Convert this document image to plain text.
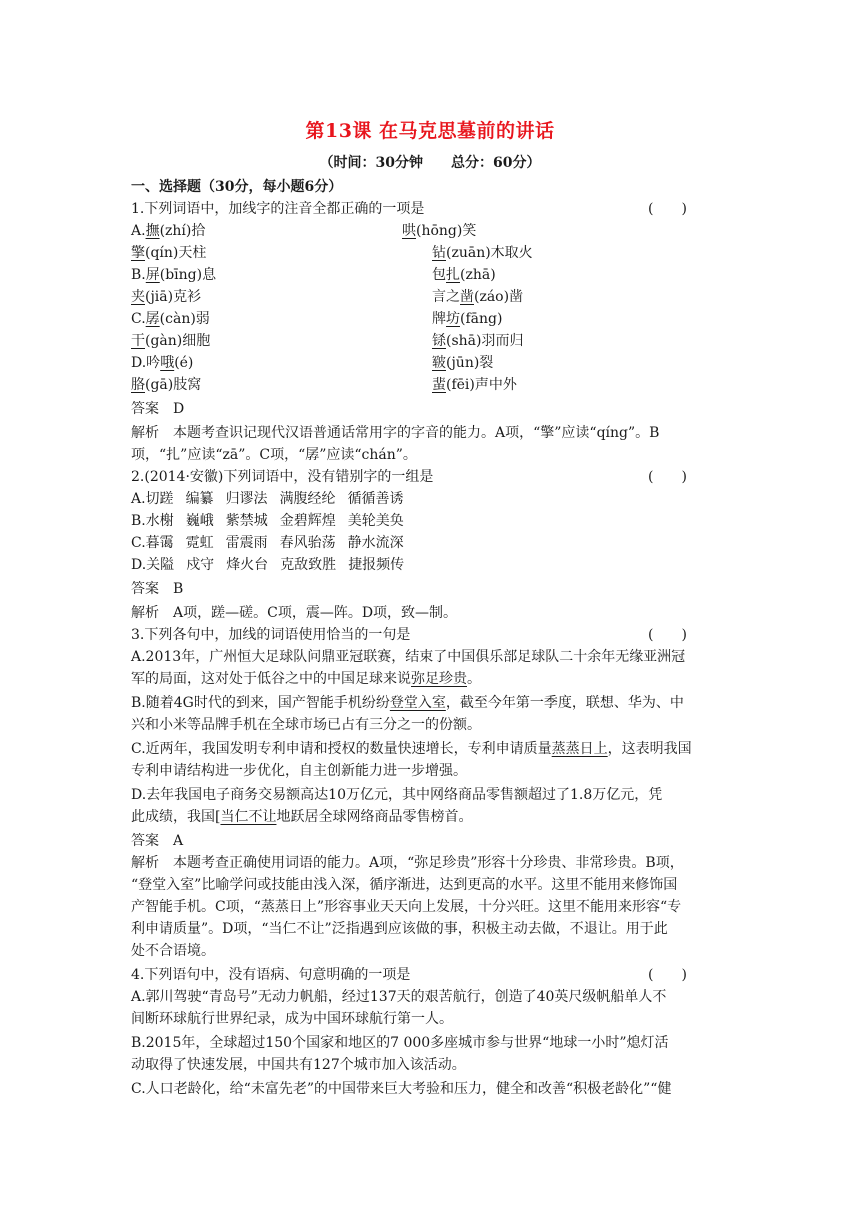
第13课 在马克思墓前的讲话
（时间：30分钟 总分：60分）
一、选择题（30分，每小题6分）
1.下列词语中，加线字的注音全都正确的一项是	(　　)
A.撫(zhí)拾	哄(hōng)笑
擎(qín)天柱	钻(zuān)木取火
B.屏(bīng)息	包扎(zhā)
夹(jiā)克衫	言之凿(záo)凿
C.孱(càn)弱	牌坊(fāng)
干(gàn)细胞	铩(shā)羽而归
D.吟哦(é)	皲(jūn)裂
胳(gā)肢窝	蜚(fēi)声中外
答案　D
解析　本题考查识记现代汉语普通话常用字的字音的能力。A项，“擎”应读“qíng”。B
项，“扎”应读“zā”。C项，“孱”应读“chán”。
2.(2014·安徽)下列词语中，没有错别字的一组是	(　　)
A.切蹉 编纂 归谬法 满腹经纶 循循善诱
B.水榭 巍峨 紫禁城 金碧辉煌 美轮美奂
C.暮霭 霓虹 雷震雨 春风骀荡 静水流深
D.关隘 戍守 烽火台 克敌致胜 捷报频传
答案　B
解析　A项，蹉—磋。C项，震—阵。D项，致—制。
3.下列各句中，加线的词语使用恰当的一句是	(　　)
A.2013年，广州恒大足球队问鼎亚冠联赛，结束了中国俱乐部足球队二十余年无缘亚洲冠
军的局面，这对处于低谷之中的中国足球来说弥足珍贵。
B.随着4G时代的到来，国产智能手机纷纷登堂入室，截至今年第一季度，联想、华为、中
兴和小米等品牌手机在全球市场已占有三分之一的份额。
C.近两年，我国发明专利申请和授权的数量快速增长，专利申请质量蒸蒸日上，这表明我国
专利申请结构进一步优化，自主创新能力进一步增强。
D.去年我国电子商务交易额高达10万亿元，其中网络商品零售额超过了1.8万亿元，凭
此成绩，我国[当仁不让地跃居全球网络商品零售榜首。
答案　A
解析　本题考查正确使用词语的能力。A项，“弥足珍贵”形容十分珍贵、非常珍贵。B项，
“登堂入室”比喻学问或技能由浅入深，循序渐进，达到更高的水平。这里不能用来修饰国
产智能手机。C项，“蒸蒸日上”形容事业天天向上发展，十分兴旺。这里不能用来形容“专
利申请质量”。D项，“当仁不让”泛指遇到应该做的事，积极主动去做，不退让。用于此
处不合语境。
4.下列语句中，没有语病、句意明确的一项是	(　　)
A.郭川驾驶“青岛号”无动力帆船，经过137天的艰苦航行，创造了40英尺级帆船单人不
间断环球航行世界纪录，成为中国环球航行第一人。
B.2015年，全球超过150个国家和地区的7 000多座城市参与世界“地球一小时”熄灯活
动取得了快速发展，中国共有127个城市加入该活动。
C.人口老龄化，给“未富先老”的中国带来巨大考验和压力，健全和改善“积极老龄化”“健
